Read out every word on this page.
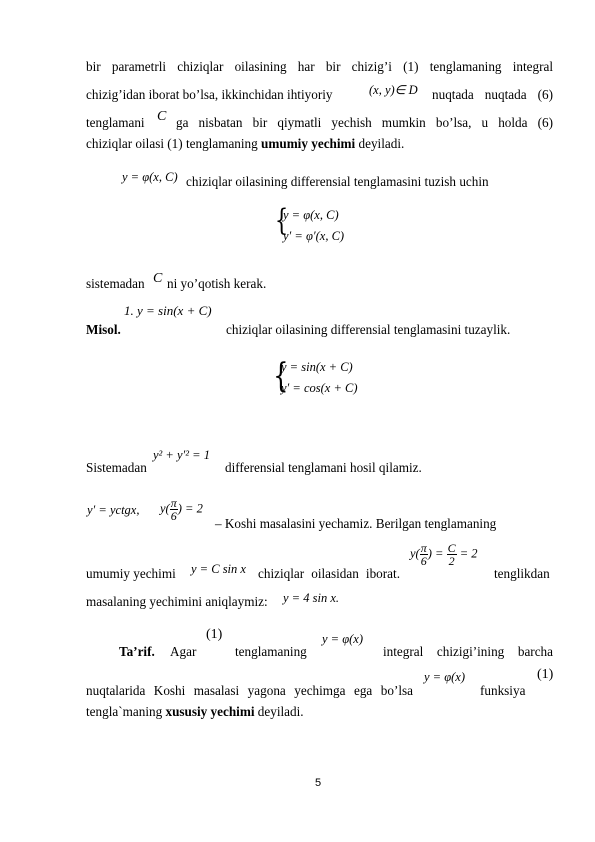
bir parametrli chiziqlar oilasining har bir chizig’i (1) tenglamaning integral
chizig’idan iborat bo’lsa, ikkinchidan ihtiyoriy	(x, y)∈ D nuqtada nuqtada (6)
tenglamani C ga nisbatan bir qiymatli yechish mumkin bo’lsa, u holda (6)
chiziqlar oilasi (1) tenglamaning umumiy yechimi deyiladi.
y = φ(x, C) chiziqlar oilasining differensial tenglamasini tuzish uchin
{
y = φ(x, C)
y′ = φ′(x, C)
sistemadan C ni yo’qotish kerak.
1. y = sin(x + C)
Misol.	chiziqlar oilasining differensial tenglamasini tuzaylik.
{
y = sin(x + C)
y′ = cos(x + C)
Sistemadan
y² + y′² = 1
differensial tenglamani hosil qilamiz.
y′ = yctgx, $y( \frac{\pi}{6}$ ) = 2
– Koshi masalasini yechamiz. Berilgan tenglamaning
umumiy yechimi y = C sin x chiziqlar oilasidan iborat.
$y( \frac{\pi}{6}$ ) = $\frac{C}{2} = 2$
tenglikdan
masalaning yechimini aniqlaymiz: y = 4 sin x.
Ta’rif. Agar
(1)
tenglamaning
y = φ(x)
integral chizigi’ining barcha
nuqtalarida Koshi masalasi yagona yechimga ega bo’lsa
y = φ(x)
funksiya
(1)
tengla`maning xususiy yechimi deyiladi.
5
